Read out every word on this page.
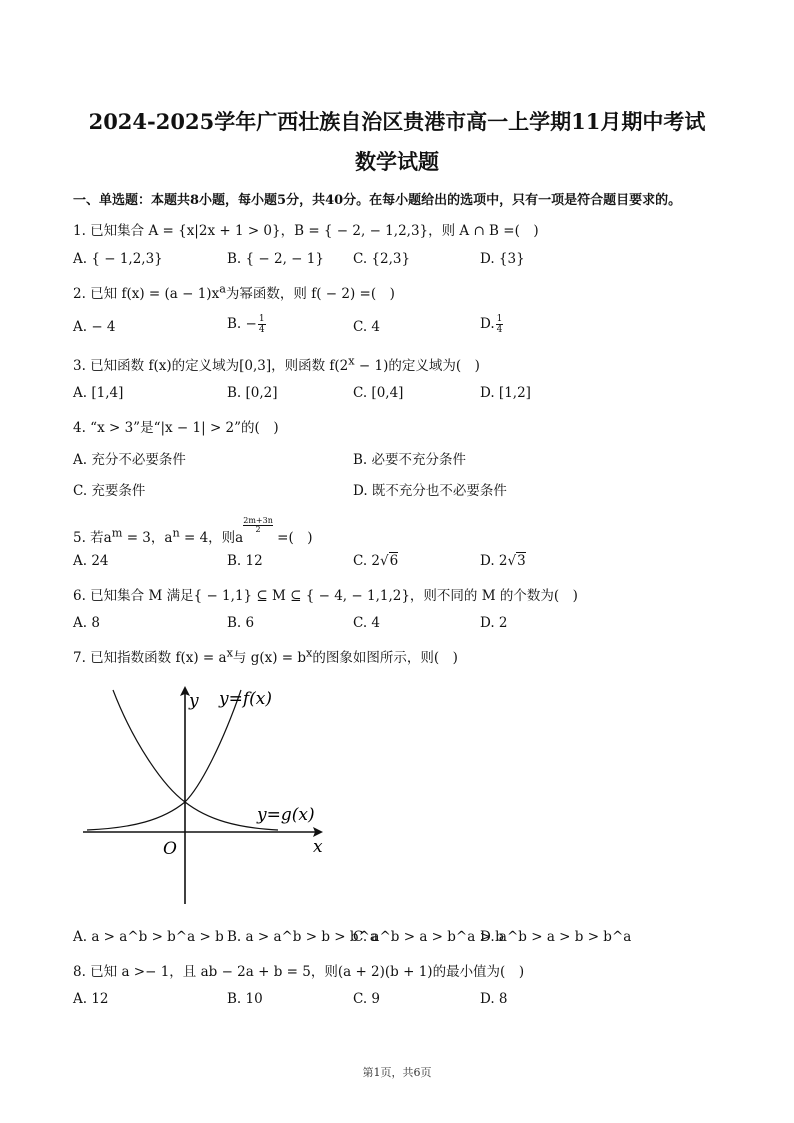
2024-2025学年广西壮族自治区贵港市高一上学期11月期中考试
数学试题
一、单选题：本题共8小题，每小题5分，共40分。在每小题给出的选项中，只有一项是符合题目要求的。
1. 已知集合 A = {x|2x + 1 > 0}，B = { − 2, − 1,2,3}，则 A ∩ B =(　)
A. { − 1,2,3}	B. { − 2, − 1} C. {2,3}	D. {3}
2. 已知 $f(x) = (a - 1)x^a$为幂函数，则 f( − 2) =(　)
A. − 4	B. − $\frac{1}{4}$	C. 4	D. $\frac{1}{4}$
3. 已知函数 f(x)的定义域为[0,3]，则函数 $f(2^x - 1)$的定义域为(　)
A. [1,4]	B. [0,2]	C. [0,4]	D. [1,2]
4. “x > 3”是“|x − 1| > 2”的(　)
A. 充分不必要条件	B. 必要不充分条件
C. 充要条件	D. 既不充分也不必要条件
5. 若$a^m = 3$，$a^n = 4$，则a
$\frac{2m+3n}{2}$
=(　)
A. 24	B. 12	C. 2√6	D. 2√3
6. 已知集合 M 满足{ − 1,1} ⊆ M ⊆ { − 4, − 1,1,2}，则不同的 M 的个数为(　)
A. 8	B. 6	C. 4	D. 2
7. 已知指数函数 $f(x) = a^x$与 $g(x) = b^x$的图象如图所示，则(　)
y y=f(x)
y=g(x)
O	x
A. a > a^b > b^a > b B. a > a^b > b > b^a
C. a^b > a > b^a > b
D. a^b > a > b > b^a
8. 已知 a >− 1，且 ab − 2a + b = 5，则(a + 2)(b + 1)的最小值为(　)
A. 12	B. 10	C. 9	D. 8
第1页，共6页
